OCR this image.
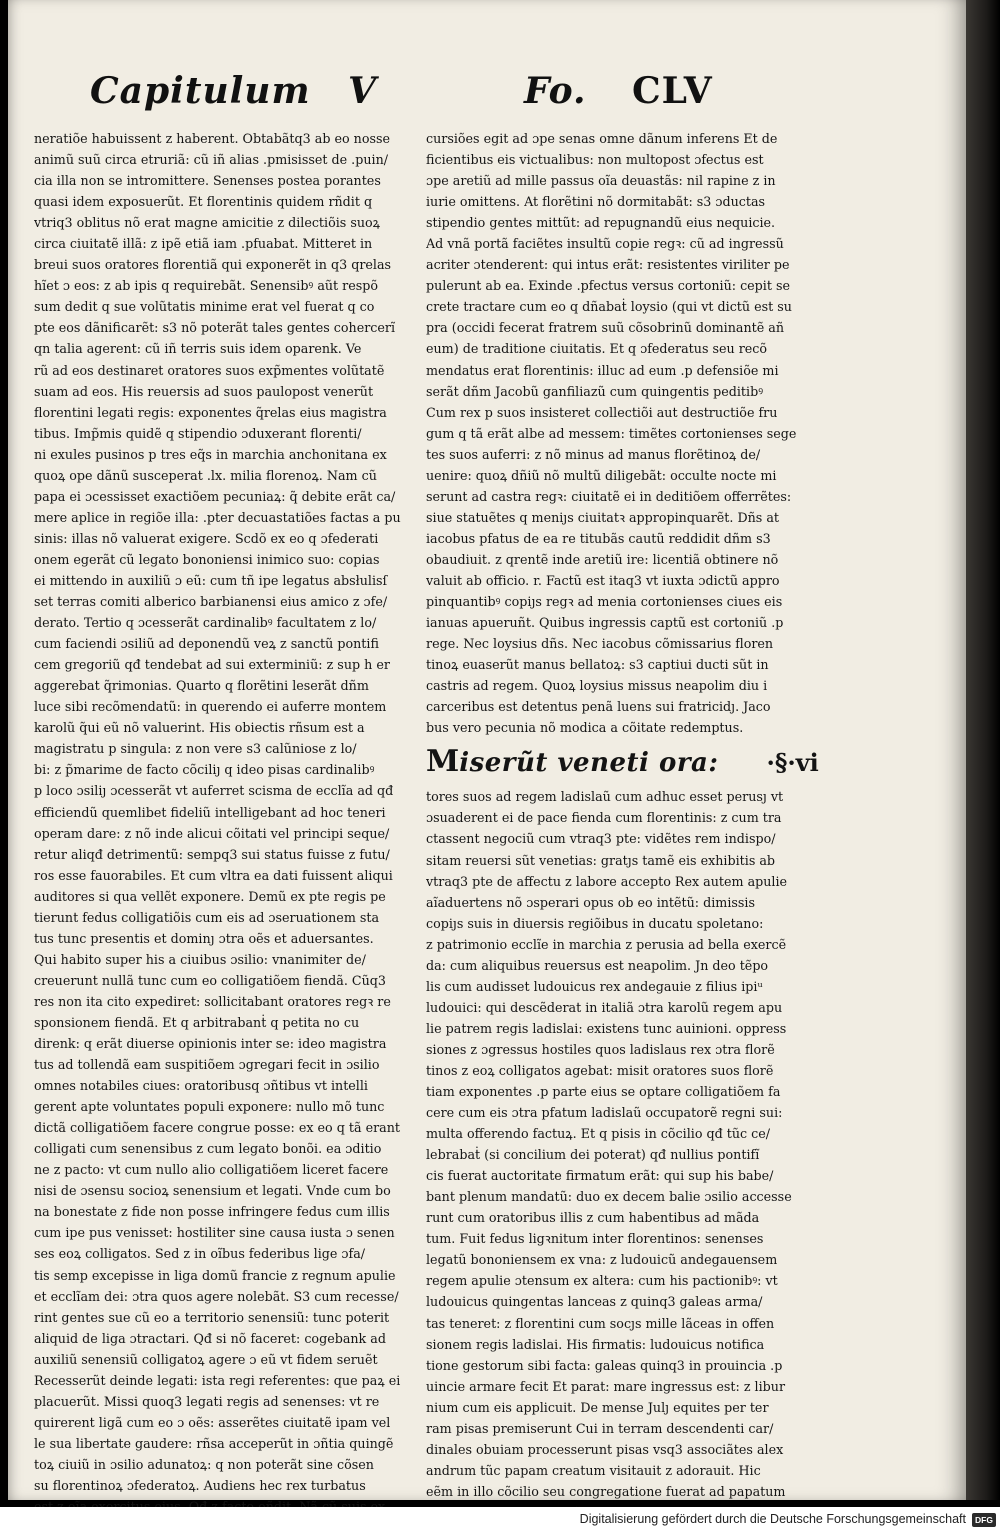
Capitulum V	Fo. CLV
neratiõe habuissent z haberent. Obtabãtq3 ab eo nosse
animũ suũ circa etruriã: cũ iñ alias .pmisisset de .puin/
cia illa non se intromittere. Senenses postea porantes
quasi idem exposuerũt. Et florentinis quidem rñdit q
vtriq3 oblitus nõ erat magne amicitie z dilectiõis suoꝝ
circa ciuitatẽ illã: z ipẽ etiã iam .pfuabat. Mitteret in
breui suos oratores florentiã qui exponerẽt in q3 qrelas
hĩet ɔ eos: z ab ipis q requirebãt. Senensibꝰ aũt respõ
sum dedit q sue volũtatis minime erat vel fuerat q co
pte eos dãnificarẽt: s3 nõ poterãt tales gentes cohercerĩ
qn talia agerent: cũ iñ terris suis idem oparenk. Ve
rũ ad eos destinaret oratores suos exp̃mentes volũtatẽ
suam ad eos. His reuersis ad suos paulopost venerũt
florentini legati regis: exponentes q̃relas eius magistra
tibus. Imp̃mis quidẽ q stipendio ɔduxerant florenti/
ni exules pusinos p tres eq̃s in marchia anchonitana ex
quoꝝ ope dãnũ susceperat .lx. milia florenoꝝ. Nam cũ
papa ei ɔcessisset exactiõem pecuniaꝝ: q̃ debite erãt ca/
mere aplice in regiõe illa: .pter decuastatiões factas a pu
sinis: illas nõ valuerat exigere. Scdõ ex eo q ɔfederati
onem egerãt cũ legato bononiensi inimico suo: copias
ei mittendo in auxiliũ ɔ eũ: cum tñ ipe legatus absłulisſ
set terras comiti alberico barbianensi eius amico z ɔfe/
derato. Tertio q ɔcesserãt cardinalibꝰ facultatem z lo/
cum faciendi ɔsiliũ ad deponendũ veꝝ z sanctũ pontifi
cem gregoriũ qđ tendebat ad sui exterminiũ: z sup h er
aggerebat q̃rimonias. Quarto q florẽtini leserãt dñm
luce sibi recõmendatũ: in querendo ei auferre montem
karolũ q̃ui eũ nõ valuerint. His obiectis rñsum est a
magistratu p singula: z non vere s3 calũniose z lo/
bi: z p̃marime de facto cõciliȷ q ideo pisas cardinalibꝰ
p loco ɔsiliȷ ɔcesserãt vt auferret scisma de ecclĩa ad qđ
efficiendũ quemlibet fideliũ intelligebant ad hoc teneri
operam dare: z nõ inde alicui cõitati vel principi seque/
retur aliqđ detrimentũ: sempq3 sui status fuisse z futu/
ros esse fauorabiles. Et cum vltra ea dati fuissent aliqui
auditores si qua vellẽt exponere. Demũ ex pte regis pe
tierunt fedus colligatiõis cum eis ad ɔseruationem sta
tus tunc presentis et dominȷ ɔtra oẽs et aduersantes.
Qui habito super his a ciuibus ɔsilio: vnanimiter de/
creuerunt nullã tunc cum eo colligatiõem fiendã. Cũq3
res non ita cito expediret: sollicitabant oratores regꝛ re
sponsionem fiendã. Et q arbitrabanṫ q petita no cu
direnk: q erãt diuerse opinionis inter se: ideo magistra
tus ad tollendã eam suspitiõem ɔgregari fecit in ɔsilio
omnes notabiles ciues: oratoribusq ɔñtibus vt intelli
gerent apte voluntates populi exponere: nullo mõ tunc
dictã colligatiõem facere congrue posse: ex eo q tã erant
colligati cum senensibus z cum legato bonõi. ea ɔditio
ne z pacto: vt cum nullo alio colligatiõem liceret facere
nisi de ɔsensu socioꝝ senensium et legati. Vnde cum bo
na bonestate z fide non posse infringere fedus cum illis
cum ipe pus venisset: hostiliter sine causa iusta ɔ senen
ses eoꝝ colligatos. Sed z in oĩbus federibus lige ɔfa/
tis semp excepisse in liga domũ francie z regnum apulie
et ecclĩam dei: ɔtra quos agere nolebãt. S3 cum recesse/
rint gentes sue cũ eo a territorio senensiũ: tunc poterit
aliquid de liga ɔtractari. Qđ si nõ faceret: cogebank ad
auxiliũ senensiũ colligatoꝝ agere ɔ eũ vt fidem seruẽt
Recesserũt deinde legati: ista regi referentes: que paꝝ ei
placuerũt. Missi quoq3 legati regis ad senenses: vt re
quirerent ligã cum eo ɔ oẽs: asserẽtes ciuitatẽ ipam vel
le sua libertate gaudere: rñsa acceperũt in ɔñtia quingẽ
toꝝ ciuiũ in ɔsilio adunatoꝝ: q non poterãt sine cõsen
su florentinoꝝ ɔfederatoꝝ. Audiens hec rex turbatus
cursiões egit ad ɔpe senas omne dãnum inferens Et de
ficientibus eis victualibus: non multopost ɔfectus est
ɔpe aretiũ ad mille passus oĩa deuastãs: nil rapine z in
iurie omittens. At florẽtini nõ dormitabãt: s3 ɔductas
stipendio gentes mittũt: ad repugnandũ eius nequicie.
Ad vnã portã faciẽtes insultũ copie regꝛ: cũ ad ingressũ
acriter ɔtenderent: qui intus erãt: resistentes viriliter pe
pulerunt ab ea. Exinde .pfectus versus cortoniũ: cepit se
crete tractare cum eo q dñabaṫ loysio (qui vt dictũ est su
pra (occidi fecerat fratrem suũ cõsobrinũ dominantẽ añ
eum) de traditione ciuitatis. Et q ɔfederatus seu recõ
mendatus erat florentinis: illuc ad eum .p defensiõe mi
serãt dñm Jacobũ ganfiliazũ cum quingentis peditibꝰ
Cum rex p suos insisteret collectiõi aut destructiõe fru
gum q tã erãt albe ad messem: timẽtes cortonienses sege
tes suos auferri: z nõ minus ad manus florẽtinoꝝ de/
uenire: quoꝝ dñiũ nõ multũ diligebãt: occulte nocte mi
serunt ad castra regꝛ: ciuitatẽ ei in deditiõem offerrẽtes:
siue statuẽtes q meniȷs ciuitatꝛ appropinquarẽt. Dñs at
iacobus pfatus de ea re titubãs cautũ reddidit dñm s3
obaudiuit. z qrentẽ inde aretiũ ire: licentiã obtinere nõ
valuit ab officio. r. Factũ est itaq3 vt iuxta ɔdictũ appro
pinquantibꝰ copiȷs regꝛ ad menia cortonienses ciues eis
ianuas apueruñt. Quibus ingressis captũ est cortoniũ .p
rege. Nec loysius dñs. Nec iacobus cõmissarius floren
tinoꝝ euaserũt manus bellatoꝝ: s3 captiui ducti sũt in
castris ad regem. Quoꝝ loysius missus neapolim diu i
carceribus est detentus penã luens sui fratricidȷ. Jaco
bus vero pecunia nõ modica a cõitate redemptus.
Miserũt veneti ora: ·§·vi
tores suos ad regem ladislaũ cum adhuc esset perusȷ vt
ɔsuaderent ei de pace fienda cum florentinis: z cum tra
ctassent negociũ cum vtraq3 pte: vidẽtes rem indispo/
sitam reuersi sũt venetias: gratȷs tamẽ eis exhibitis ab
vtraq3 pte de affectu z labore accepto Rex autem apulie
aĩaduertens nõ ɔsperari opus ob eo intẽtũ: dimissis
copiȷs suis in diuersis regiõibus in ducatu spoletano:
z patrimonio ecclĩe in marchia z perusia ad bella exercẽ
da: cum aliquibus reuersus est neapolim. Jn deo tẽpo
lis cum audisset ludouicus rex andegauie z filius ipiᵘ
ludouici: qui descẽderat in italiã ɔtra karolũ regem apu
lie patrem regis ladislai: existens tunc auinioni. oppress
siones z ɔgressus hostiles quos ladislaus rex ɔtra florẽ
tinos z eoꝝ colligatos agebat: misit oratores suos florẽ
tiam exponentes .p parte eius se optare colligatiõem fa
cere cum eis ɔtra pfatum ladislaũ occupatorẽ regni sui:
multa offerendo factuꝝ. Et q pisis in cõcilio qđ tũc ce/
lebrabaṫ (si concilium dei poterat) qđ nullius pontifĩ
cis fuerat auctoritate firmatum erãt: qui sup his babe/
bant plenum mandatũ: duo ex decem balie ɔsilio accesse
runt cum oratoribus illis z cum habentibus ad mãda
tum. Fuit fedus ligꝛnitum inter florentinos: senenses
legatũ bononiensem ex vna: z ludouicũ andegauensem
regem apulie ɔtensum ex altera: cum his pactionibꝰ: vt
ludouicus quingentas lanceas z quinq3 galeas arma/
tas teneret: z florentini cum socȷs mille lãceas in offen
sionem regis ladislai. His firmatis: ludouicus notifica
tione gestorum sibi facta: galeas quinq3 in prouincia .p
uincie armare fecit Et parat: mare ingressus est: z libur
nium cum eis applicuit. De mense Julȷ equites per ter
ram pisas premiserunt Cui in terram descendenti car/
dinales obuiam processerunt pisas vsq3 associãtes alex
andrum tũc papam creatum visitauit z adorauit. Hic
eẽm in illo cõcilio seu congregatione fuerat ad papatum
Digitalisierung gefördert durch die Deutsche Forschungsgemeinschaft	DFG
